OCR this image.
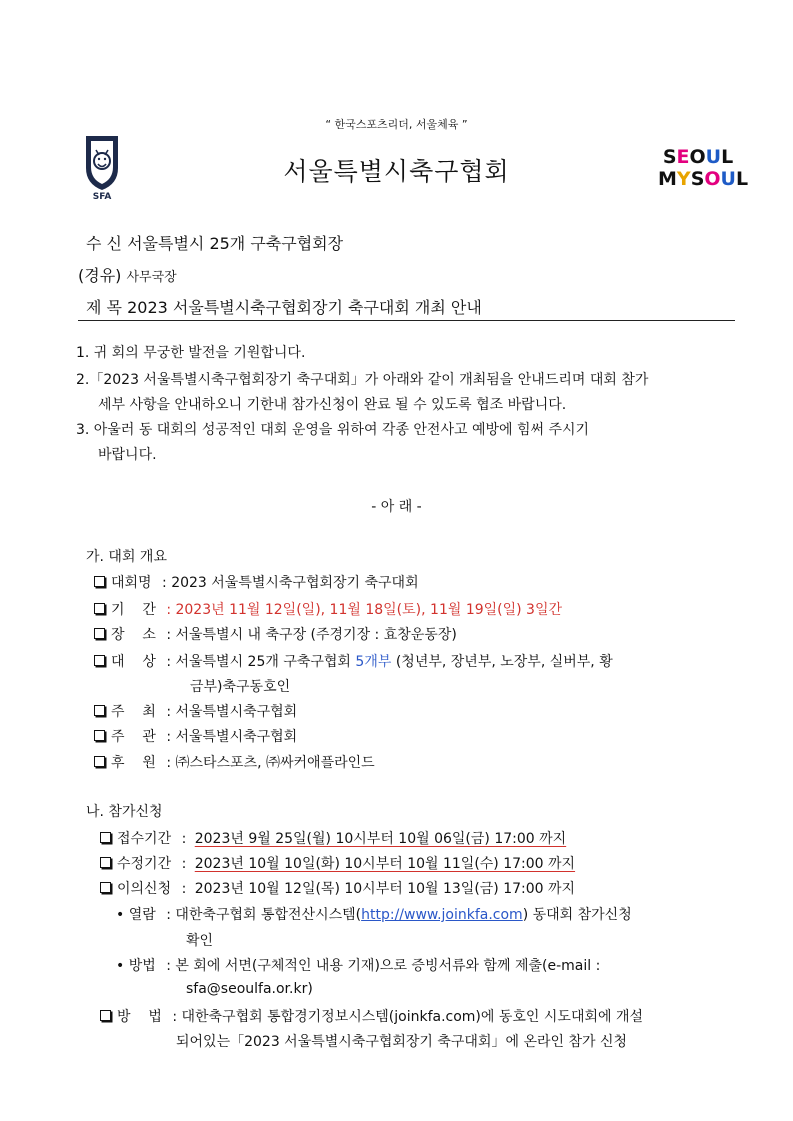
“ 한국스포츠리더, 서울체육 ”
SFA
서울특별시축구협회	SEOUL
MYSOUL
수 신 서울특별시 25개 구축구협회장
(경유) 사무국장
제 목 2023 서울특별시축구협회장기 축구대회 개최 안내
1. 귀 회의 무궁한 발전을 기원합니다.
2.「2023 서울특별시축구협회장기 축구대회」가 아래와 같이 개최됨을 안내드리며 대회 참가
세부 사항을 안내하오니 기한내 참가신청이 완료 될 수 있도록 협조 바랍니다.
3. 아울러 동 대회의 성공적인 대회 운영을 위하여 각종 안전사고 예방에 힘써 주시기
바랍니다.
- 아 래 -
가. 대회 개요
대회명 : 2023 서울특별시축구협회장기 축구대회
기    간 : 2023년 11월 12일(일), 11월 18일(토), 11월 19일(일) 3일간
장    소 : 서울특별시 내 축구장 (주경기장 : 효창운동장)
대    상 : 서울특별시 25개 구축구협회 5개부 (청년부, 장년부, 노장부, 실버부, 황
금부)축구동호인
주    최 : 서울특별시축구협회
주    관 : 서울특별시축구협회
후    원 : ㈜스타스포츠, ㈜싸커애플라인드
나. 참가신청
접수기간 : 2023년 9월 25일(월) 10시부터 10월 06일(금) 17:00 까지
수정기간 : 2023년 10월 10일(화) 10시부터 10월 11일(수) 17:00 까지
이의신청 : 2023년 10월 12일(목) 10시부터 10월 13일(금) 17:00 까지
• 열람 : 대한축구협회 통합전산시스템(http://www.joinkfa.com) 동대회 참가신청
확인
• 방법 : 본 회에 서면(구체적인 내용 기재)으로 증빙서류와 함께 제출(e-mail :
sfa@seoulfa.or.kr)
방    법 : 대한축구협회 통합경기정보시스템(joinkfa.com)에 동호인 시도대회에 개설
되어있는「2023 서울특별시축구협회장기 축구대회」에 온라인 참가 신청
